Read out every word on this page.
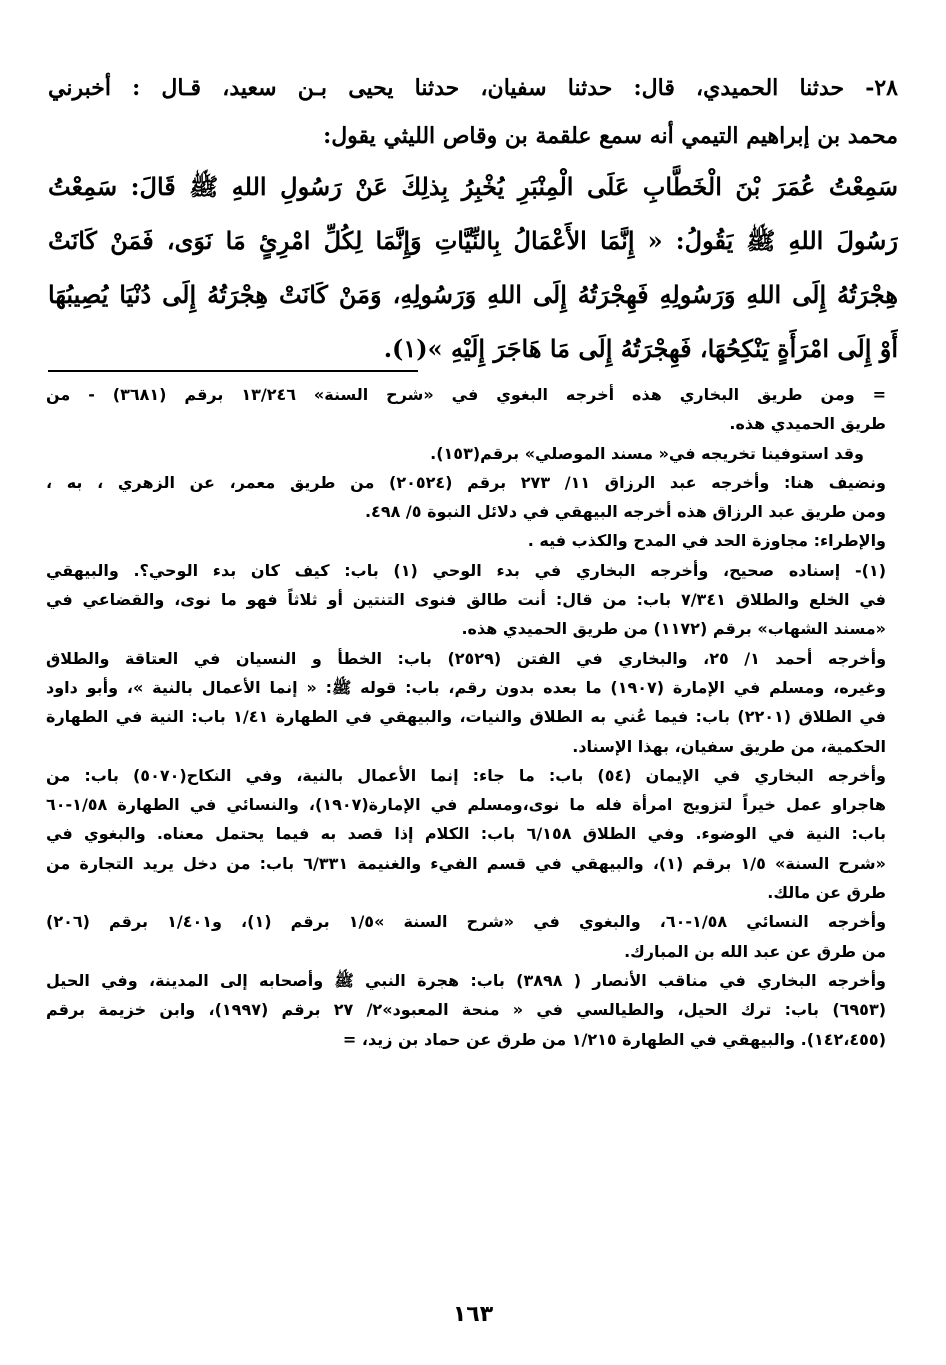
٢٨- حدثنا الحميدي، قال: حدثنا سفيان، حدثنا يحيى بـن سعيد، قـال : أخبرني
محمد بن إبراهيم التيمي أنه سمع علقمة بن وقاص الليثي يقول:
سَمِعْتُ عُمَرَ بْنَ الْخَطَّابِ عَلَى الْمِنْبَرِ يُخْبِرُ بِذلِكَ عَنْ رَسُولِ اللهِ ﷺ قَالَ: سَمِعْتُ
رَسُولَ اللهِ ﷺ يَقُولُ: « إِنَّمَا الأَعْمَالُ بِالنِّيَّاتِ وَإِنَّمَا لِكُلِّ امْرِئٍ مَا نَوَى، فَمَنْ كَانَتْ
هِجْرَتُهُ إِلَى اللهِ وَرَسُولِهِ فَهِجْرَتُهُ إِلَى اللهِ وَرَسُولِهِ، وَمَنْ كَانَتْ هِجْرَتُهُ إِلَى دُنْيَا يُصِيبُهَا
أَوْ إِلَى امْرَأَةٍ يَنْكِحُهَا، فَهِجْرَتُهُ إِلَى مَا هَاجَرَ إِلَيْهِ »(١).
= ومن طريق البخاري هذه أخرجه البغوي في «شرح السنة» ١٣/٢٤٦ برقم (٣٦٨١) - من
طريق الحميدي هذه.
وقد استوفينا تخريجه في« مسند الموصلي» برقم(١٥٣).
ونضيف هنا: وأخرجه عبد الرزاق ١١/ ٢٧٣ برقم (٢٠٥٢٤) من طريق معمر، عن الزهري ، به ،
ومن طريق عبد الرزاق هذه أخرجه البيهقي في دلائل النبوة ٥/ ٤٩٨.
والإطراء: مجاوزة الحد في المدح والكذب فيه .
(١)- إسناده صحيح، وأخرجه البخاري في بدء الوحي (١) باب: كيف كان بدء الوحي؟. والبيهقي
في الخلع والطلاق ٧/٣٤١ باب: من قال: أنت طالق فنوى التنتين أو ثلاثاً فهو ما نوى، والقضاعي في
«مسند الشهاب» برقم (١١٧٢) من طريق الحميدي هذه.
وأخرجه أحمد ١/ ٢٥، والبخاري في الفتن (٢٥٢٩) باب: الخطأ و النسيان في العتاقة والطلاق
وغيره، ومسلم في الإمارة (١٩٠٧) ما بعده بدون رقم، باب: قوله ﷺ: « إنما الأعمال بالنية »، وأبو داود
في الطلاق (٢٢٠١) باب: فيما عُني به الطلاق والنيات، والبيهقي في الطهارة ١/٤١ باب: النية في الطهارة
الحكمية، من طريق سفيان، بهذا الإسناد.
وأخرجه البخاري في الإيمان (٥٤) باب: ما جاء: إنما الأعمال بالنية، وفي النكاح(٥٠٧٠) باب: من
هاجراو عمل خيراً لتزويج امرأة فله ما نوى،ومسلم في الإمارة(١٩٠٧)، والنسائي في الطهارة ١/٥٨-٦٠
باب: النية في الوضوء. وفي الطلاق ٦/١٥٨ باب: الكلام إذا قصد به فيما يحتمل معناه. والبغوي في
«شرح السنة» ١/٥ برقم (١)، والبيهقي في قسم الفيء والغنيمة ٦/٣٣١ باب: من دخل يريد التجارة من
طرق عن مالك.
وأخرجه النسائي ١/٥٨-٦٠، والبغوي في «شرح السنة »١/٥ برقم (١)، و١/٤٠١ برقم (٢٠٦)
من طرق عن عبد الله بن المبارك.
وأخرجه البخاري في مناقب الأنصار ( ٣٨٩٨) باب: هجرة النبي ﷺ وأصحابه إلى المدينة، وفي الحيل
(٦٩٥٣) باب: ترك الحيل، والطيالسي في « منحة المعبود»٢/ ٢٧ برقم (١٩٩٧)، وابن خزيمة برقم
(١٤٢،٤٥٥). والبيهقي في الطهارة ١/٢١٥ من طرق عن حماد بن زيد، =
١٦٣
